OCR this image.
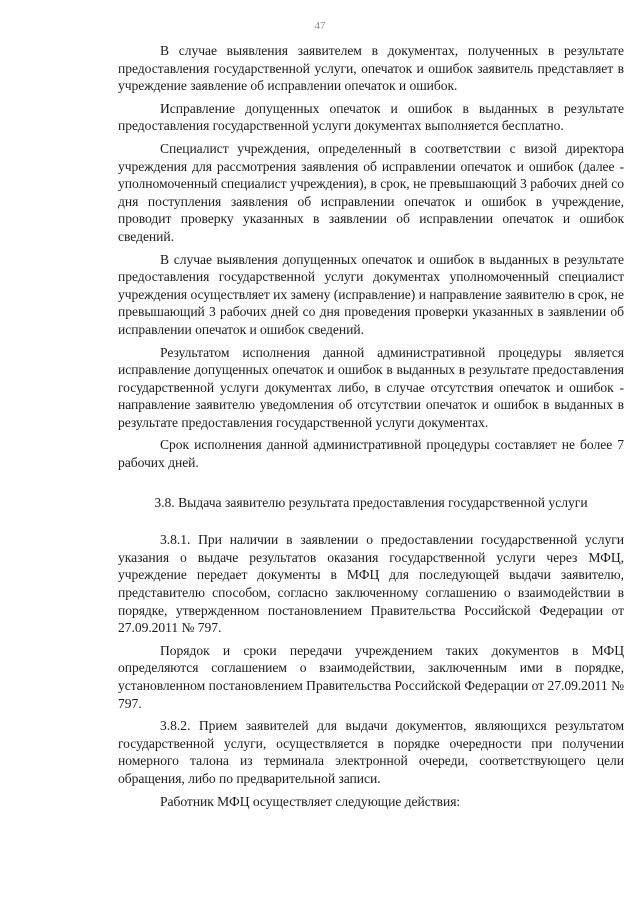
47

В случае выявления заявителем в документах, полученных в результате предоставления государственной услуги, опечаток и ошибок заявитель представляет в учреждение заявление об исправлении опечаток и ошибок.

Исправление допущенных опечаток и ошибок в выданных в результате предоставления государственной услуги документах выполняется бесплатно.

Специалист учреждения, определенный в соответствии с визой директора учреждения для рассмотрения заявления об исправлении опечаток и ошибок (далее - уполномоченный специалист учреждения), в срок, не превышающий 3 рабочих дней со дня поступления заявления об исправлении опечаток и ошибок в учреждение, проводит проверку указанных в заявлении об исправлении опечаток и ошибок сведений.

В случае выявления допущенных опечаток и ошибок в выданных в результате предоставления государственной услуги документах уполномоченный специалист учреждения осуществляет их замену (исправление) и направление заявителю в срок, не превышающий 3 рабочих дней со дня проведения проверки указанных в заявлении об исправлении опечаток и ошибок сведений.

Результатом исполнения данной административной процедуры является исправление допущенных опечаток и ошибок в выданных в результате предоставления государственной услуги документах либо, в случае отсутствия опечаток и ошибок - направление заявителю уведомления об отсутствии опечаток и ошибок в выданных в результате предоставления государственной услуги документах.

Срок исполнения данной административной процедуры составляет не более 7 рабочих дней.

3.8. Выдача заявителю результата предоставления государственной услуги

3.8.1. При наличии в заявлении о предоставлении государственной услуги указания о выдаче результатов оказания государственной услуги через МФЦ, учреждение передает документы в МФЦ для последующей выдачи заявителю, представителю способом, согласно заключенному соглашению о взаимодействии в порядке, утвержденном постановлением Правительства Российской Федерации от 27.09.2011 № 797.

Порядок и сроки передачи учреждением таких документов в МФЦ определяются соглашением о взаимодействии, заключенным ими в порядке, установленном постановлением Правительства Российской Федерации от 27.09.2011 № 797.

3.8.2. Прием заявителей для выдачи документов, являющихся результатом государственной услуги, осуществляется в порядке очередности при получении номерного талона из терминала электронной очереди, соответствующего цели обращения, либо по предварительной записи.

Работник МФЦ осуществляет следующие действия:
